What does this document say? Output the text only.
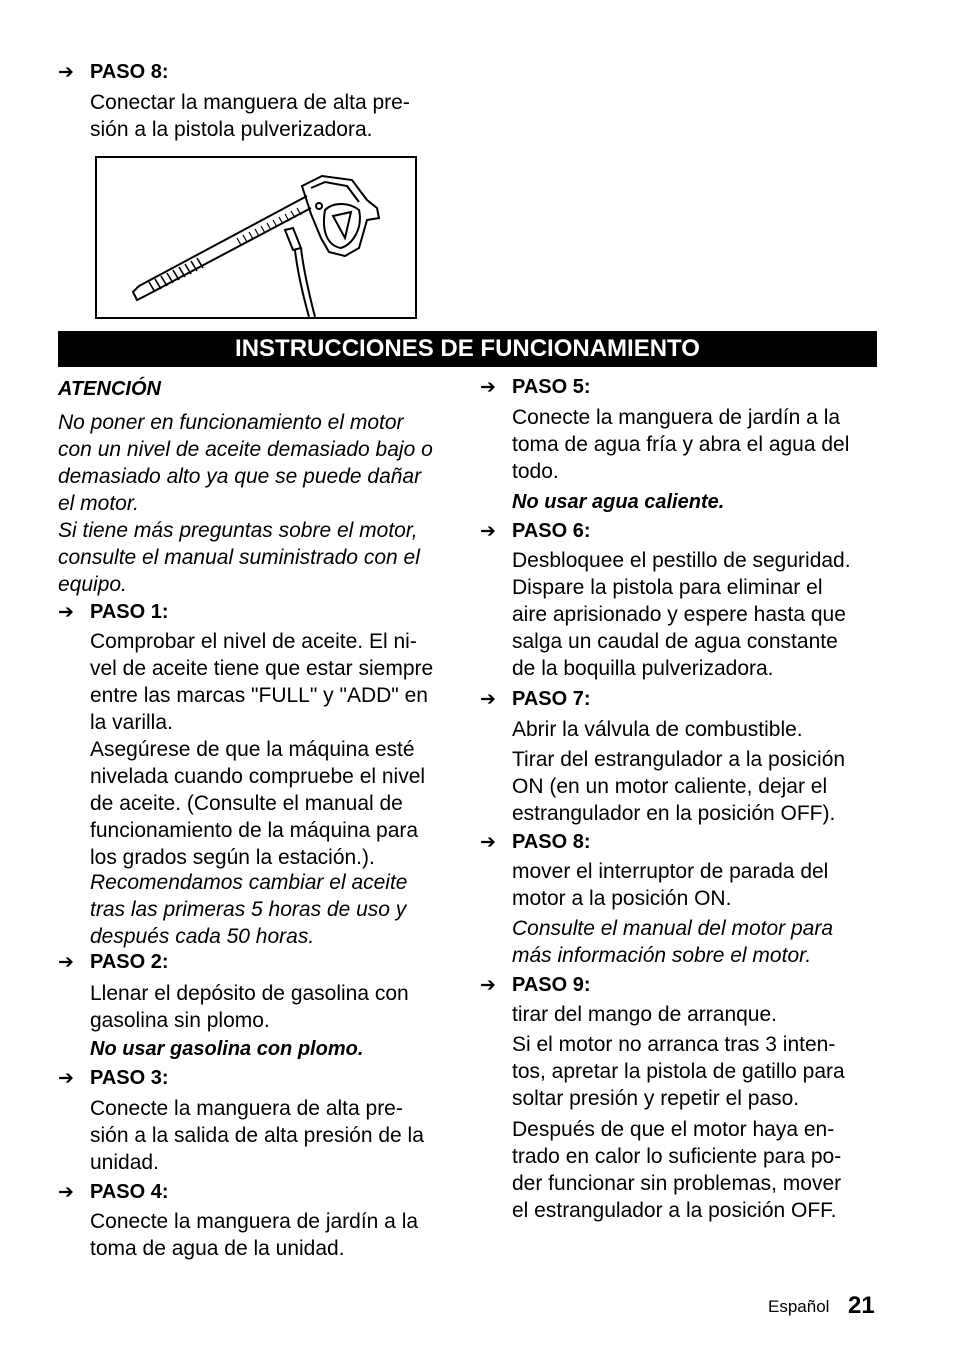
➔ PASO 8:

Conectar la manguera de alta pre-
sión a la pistola pulverizadora.

INSTRUCCIONES DE FUNCIONAMIENTO
ATENCIÓN

No poner en funcionamiento el motor
con un nivel de aceite demasiado bajo o
demasiado alto ya que se puede dañar
el motor.
Si tiene más preguntas sobre el motor,
consulte el manual suministrado con el
equipo.

➔ PASO 1:

Comprobar el nivel de aceite. El ni-
vel de aceite tiene que estar siempre
entre las marcas "FULL" y "ADD" en
la varilla.

Asegúrese de que la máquina esté
nivelada cuando compruebe el nivel
de aceite. (Consulte el manual de
funcionamiento de la máquina para
los grados según la estación.).

Recomendamos cambiar el aceite
tras las primeras 5 horas de uso y
después cada 50 horas.

➔ PASO 2:

Llenar el depósito de gasolina con
gasolina sin plomo.

No usar gasolina con plomo.
➔ PASO 3:

Conecte la manguera de alta pre-
sión a la salida de alta presión de la
unidad.

➔ PASO 4:

Conecte la manguera de jardín a la
toma de agua de la unidad.

➔ PASO 5:

Conecte la manguera de jardín a la
toma de agua fría y abra el agua del
todo.

No usar agua caliente.
➔ PASO 6:

Desbloquee el pestillo de seguridad.
Dispare la pistola para eliminar el
aire aprisionado y espere hasta que
salga un caudal de agua constante
de la boquilla pulverizadora.

➔ PASO 7:

Abrir la válvula de combustible.

Tirar del estrangulador a la posición
ON (en un motor caliente, dejar el
estrangulador en la posición OFF).

➔ PASO 8:

mover el interruptor de parada del
motor a la posición ON.

Consulte el manual del motor para
más información sobre el motor.

➔ PASO 9:

tirar del mango de arranque.

Si el motor no arranca tras 3 inten-
tos, apretar la pistola de gatillo para
soltar presión y repetir el paso.

Después de que el motor haya en-
trado en calor lo suficiente para po-
der funcionar sin problemas, mover
el estrangulador a la posición OFF.

Español 21
